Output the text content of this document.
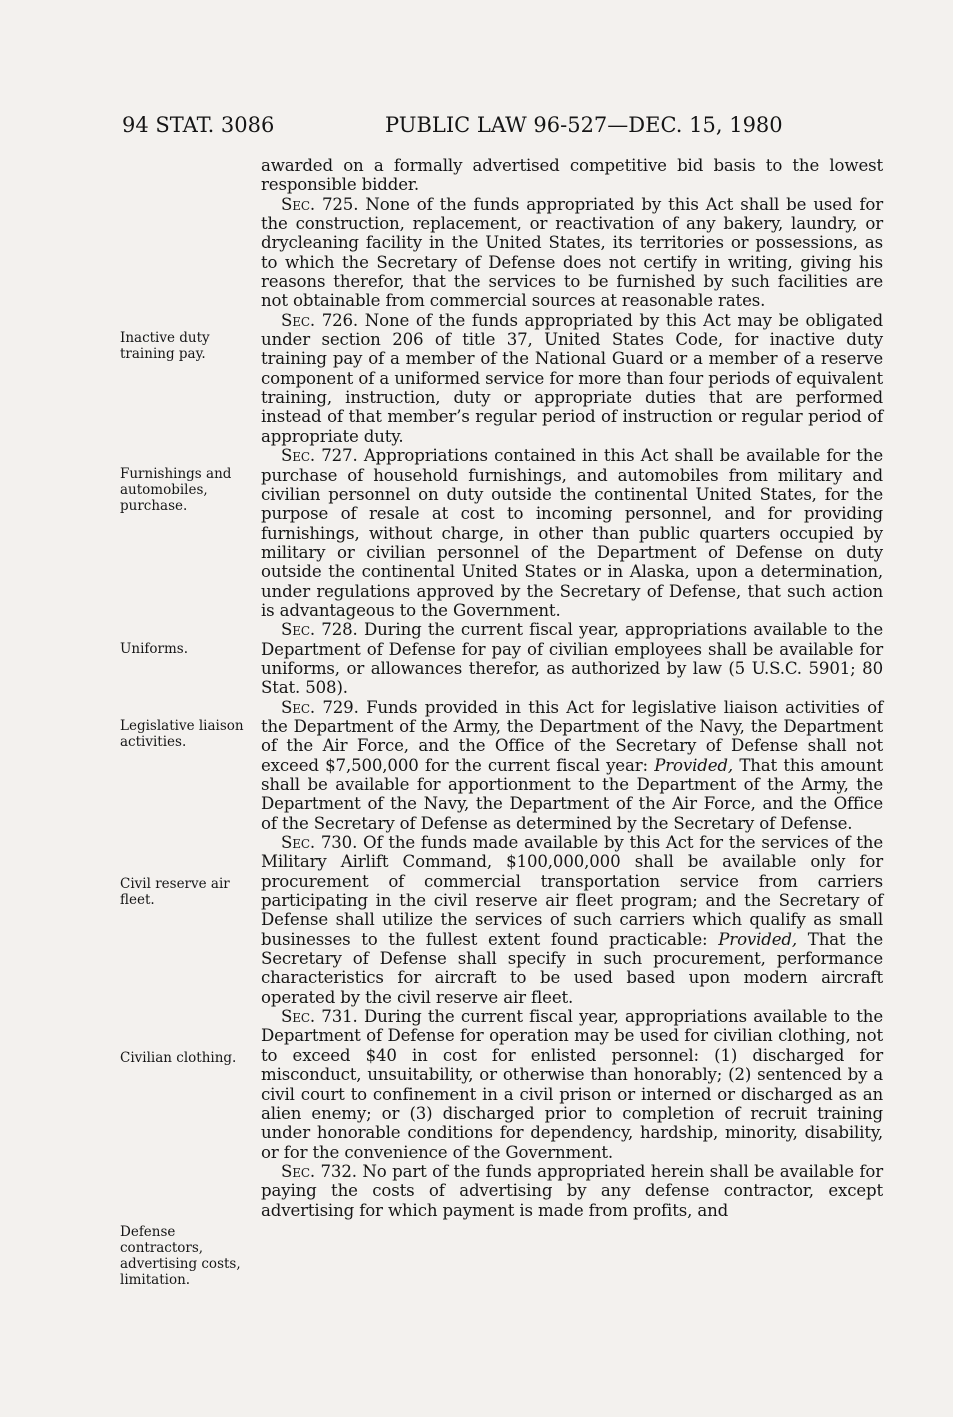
94 STAT. 3086	PUBLIC LAW 96-527—DEC. 15, 1980
Inactive duty training pay.
Furnishings and automobiles, purchase.
Uniforms.
Legislative liaison activities.
Civil reserve air fleet.
Civilian clothing.
Defense contractors, advertising costs, limitation.

awarded on a formally advertised competitive bid basis to the lowest responsible bidder.

Sec. 725. None of the funds appropriated by this Act shall be used for the construction, replacement, or reactivation of any bakery, laundry, or drycleaning facility in the United States, its territories or possessions, as to which the Secretary of Defense does not certify in writing, giving his reasons therefor, that the services to be furnished by such facilities are not obtainable from commercial sources at reasonable rates.

Sec. 726. None of the funds appropriated by this Act may be obligated under section 206 of title 37, United States Code, for inactive duty training pay of a member of the National Guard or a member of a reserve component of a uniformed service for more than four periods of equivalent training, instruction, duty or appropriate duties that are performed instead of that member’s regular period of instruction or regular period of appropriate duty.

Sec. 727. Appropriations contained in this Act shall be available for the purchase of household furnishings, and automobiles from military and civilian personnel on duty outside the continental United States, for the purpose of resale at cost to incoming personnel, and for providing furnishings, without charge, in other than public quarters occupied by military or civilian personnel of the Department of Defense on duty outside the continental United States or in Alaska, upon a determination, under regulations approved by the Secretary of Defense, that such action is advantageous to the Government.

Sec. 728. During the current fiscal year, appropriations available to the Department of Defense for pay of civilian employees shall be available for uniforms, or allowances therefor, as authorized by law (5 U.S.C. 5901; 80 Stat. 508).

Sec. 729. Funds provided in this Act for legislative liaison activities of the Department of the Army, the Department of the Navy, the Department of the Air Force, and the Office of the Secretary of Defense shall not exceed $7,500,000 for the current fiscal year: Provided, That this amount shall be available for apportionment to the Department of the Army, the Department of the Navy, the Department of the Air Force, and the Office of the Secretary of Defense as determined by the Secretary of Defense.

Sec. 730. Of the funds made available by this Act for the services of the Military Airlift Command, $100,000,000 shall be available only for procurement of commercial transportation service from carriers participating in the civil reserve air fleet program; and the Secretary of Defense shall utilize the services of such carriers which qualify as small businesses to the fullest extent found practicable: Provided, That the Secretary of Defense shall specify in such procurement, performance characteristics for aircraft to be used based upon modern aircraft operated by the civil reserve air fleet.

Sec. 731. During the current fiscal year, appropriations available to the Department of Defense for operation may be used for civilian clothing, not to exceed $40 in cost for enlisted personnel: (1) discharged for misconduct, unsuitability, or otherwise than honorably; (2) sentenced by a civil court to confinement in a civil prison or interned or discharged as an alien enemy; or (3) discharged prior to completion of recruit training under honorable conditions for dependency, hardship, minority, disability, or for the convenience of the Government.

Sec. 732. No part of the funds appropriated herein shall be available for paying the costs of advertising by any defense contractor, except advertising for which payment is made from profits, and
